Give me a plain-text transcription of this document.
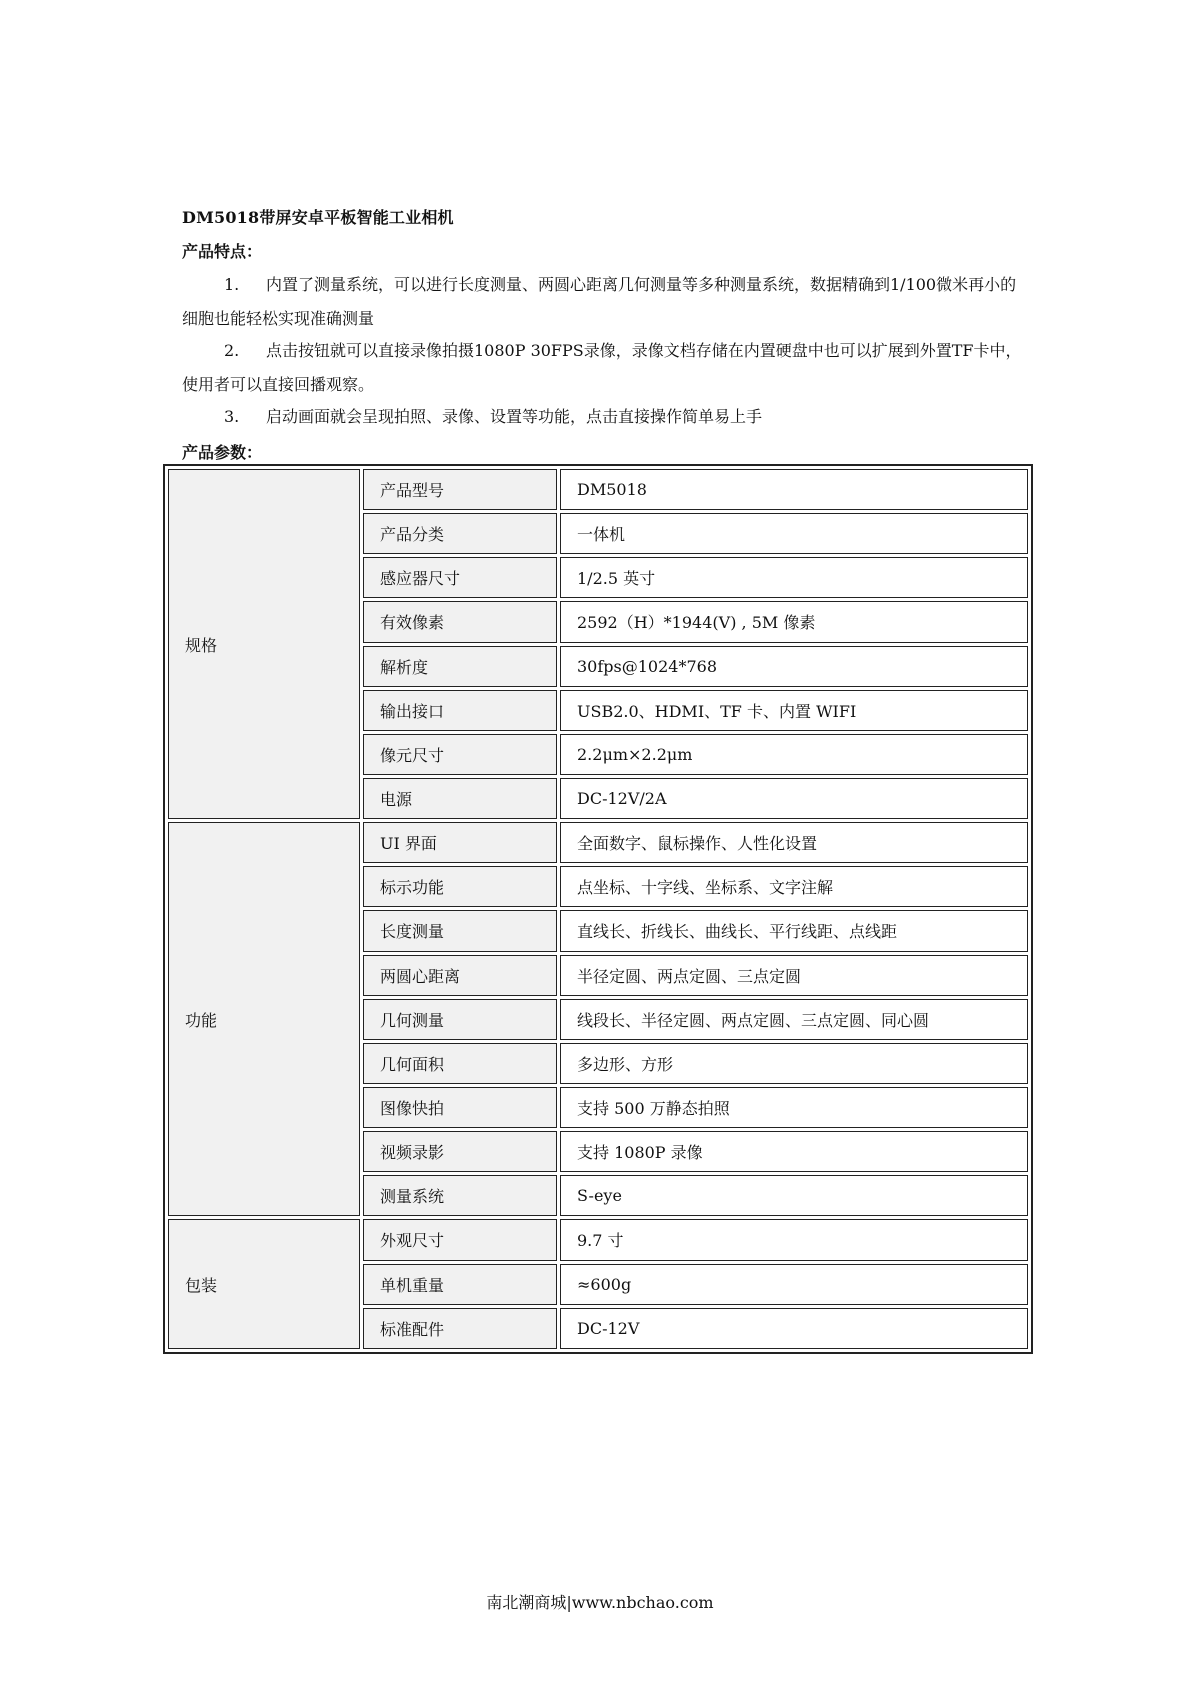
DM5018带屏安卓平板智能工业相机
产品特点：
1. 内置了测量系统，可以进行长度测量、两圆心距离几何测量等多种测量系统，数据精确到1/100微米再小的细胞也能轻松实现准确测量
2. 点击按钮就可以直接录像拍摄1080P 30FPS录像，录像文档存储在内置硬盘中也可以扩展到外置TF卡中，使用者可以直接回播观察。
3. 启动画面就会呈现拍照、录像、设置等功能，点击直接操作简单易上手
产品参数：
规格	产品型号	DM5018
	产品分类	一体机
	感应器尺寸	1/2.5 英寸
	有效像素	2592（H）*1944(V) , 5M 像素
	解析度	30fps@1024*768
	输出接口	USB2.0、HDMI、TF 卡、内置 WIFI
	像元尺寸	2.2μm×2.2μm
	电源	DC-12V/2A
功能	UI 界面	全面数字、鼠标操作、人性化设置
	标示功能	点坐标、十字线、坐标系、文字注解
	长度测量	直线长、折线长、曲线长、平行线距、点线距
	两圆心距离	半径定圆、两点定圆、三点定圆
	几何测量	线段长、半径定圆、两点定圆、三点定圆、同心圆
	几何面积	多边形、方形
	图像快拍	支持 500 万静态拍照
	视频录影	支持 1080P 录像
	测量系统	S-eye
包装	外观尺寸	9.7 寸
	单机重量	≈600g
	标准配件	DC-12V
南北潮商城|www.nbchao.com
